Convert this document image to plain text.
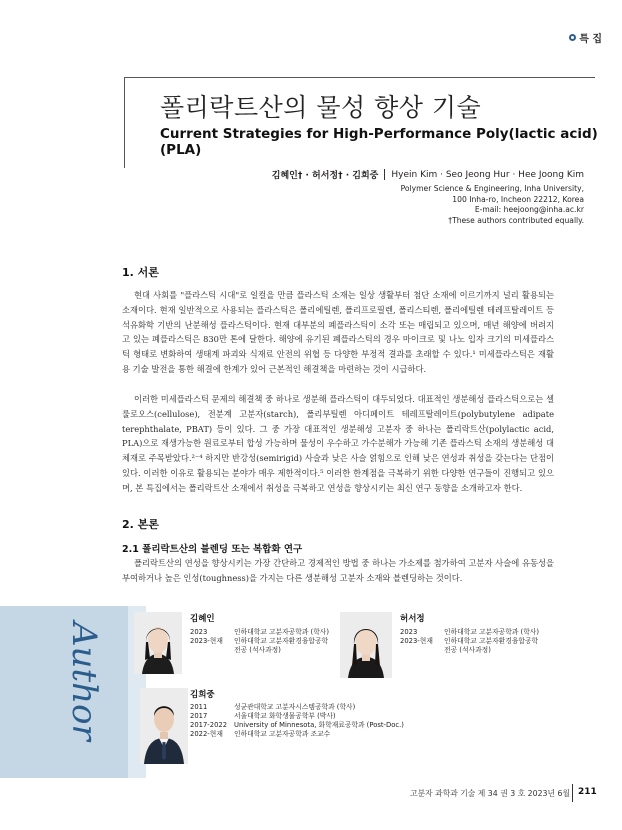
특 집
폴리락트산의 물성 향상 기술
Current Strategies for High-Performance Poly(lactic acid) (PLA)
김혜인† · 허서정† · 김희중 Hyein Kim · Seo Jeong Hur · Hee Joong Kim
Polymer Science & Engineering, Inha University,
100 Inha-ro, Incheon 22212, Korea
E-mail: heejoong@inha.ac.kr
†These authors contributed equally.
1. 서론

현대 사회를 "플라스틱 시대"로 일컬을 만큼 플라스틱 소재는 일상 생활부터 첨단 소재에 이르기까지 널리 활용되는 소재이다. 현재 일반적으로 사용되는 플라스틱은 폴리에틸렌, 폴리프로필렌, 폴리스티렌, 폴리에틸렌 테레프탈레이트 등 석유화학 기반의 난분해성 플라스틱이다. 현재 대부분의 폐플라스틱이 소각 또는 매립되고 있으며, 매년 해양에 버려지고 있는 폐플라스틱은 830만 톤에 달한다. 해양에 유기된 폐플라스틱의 경우 마이크로 및 나노 입자 크기의 미세플라스틱 형태로 변화하여 생태계 파괴와 식재료 안전의 위협 등 다양한 부정적 결과를 초래할 수 있다.¹ 미세플라스틱은 재활용 기술 발전을 통한 해결에 한계가 있어 근본적인 해결책을 마련하는 것이 시급하다.

이러한 미세플라스틱 문제의 해결책 중 하나로 생분해 플라스틱이 대두되었다. 대표적인 생분해성 플라스틱으로는 셀룰로오스(cellulose), 전분계 고분자(starch), 폴리부틸렌 아디페이트 테레프탈레이트(polybutylene adipate terephthalate, PBAT) 등이 있다. 그 중 가장 대표적인 생분해성 고분자 중 하나는 폴리락트산(polylactic acid, PLA)으로 재생가능한 원료로부터 합성 가능하며 물성이 우수하고 가수분해가 가능해 기존 플라스틱 소재의 생분해성 대체재로 주목받았다.²⁻⁴ 하지만 반강성(semirigid) 사슬과 낮은 사슬 얽힘으로 인해 낮은 연성과 취성을 갖는다는 단점이 있다. 이러한 이유로 활용되는 분야가 매우 제한적이다.⁵ 이러한 한계점을 극복하기 위한 다양한 연구들이 진행되고 있으며, 본 특집에서는 폴리락트산 소재에서 취성을 극복하고 연성을 향상시키는 최신 연구 동향을 소개하고자 한다.

2. 본론
2.1 폴리락트산의 블렌딩 또는 복합화 연구

폴리락트산의 연성을 향상시키는 가장 간단하고 경제적인 방법 중 하나는 가소제를 첨가하여 고분자 사슬에 유동성을 부여하거나 높은 인성(toughness)을 가지는 다른 생분해성 고분자 소재와 블렌딩하는 것이다.

Author
김혜인
2023	인하대학교 고분자공학과 (학사)
2023-현재	인하대학교 고분자환경융합공학
전공 (석사과정)
허서정
2023	인하대학교 고분자공학과 (학사)
2023-현재	인하대학교 고분자환경융합공학
전공 (석사과정)
김희중
2011	성균관대학교 고분자시스템공학과 (학사)
2017	서울대학교 화학생물공학부 (박사)
2017-2022	University of Minnesota, 화학재료공학과 (Post-Doc.)
2022-현재	인하대학교 고분자공학과 조교수
고분자 과학과 기술 제 34 권 3 호 2023년 6월 211
